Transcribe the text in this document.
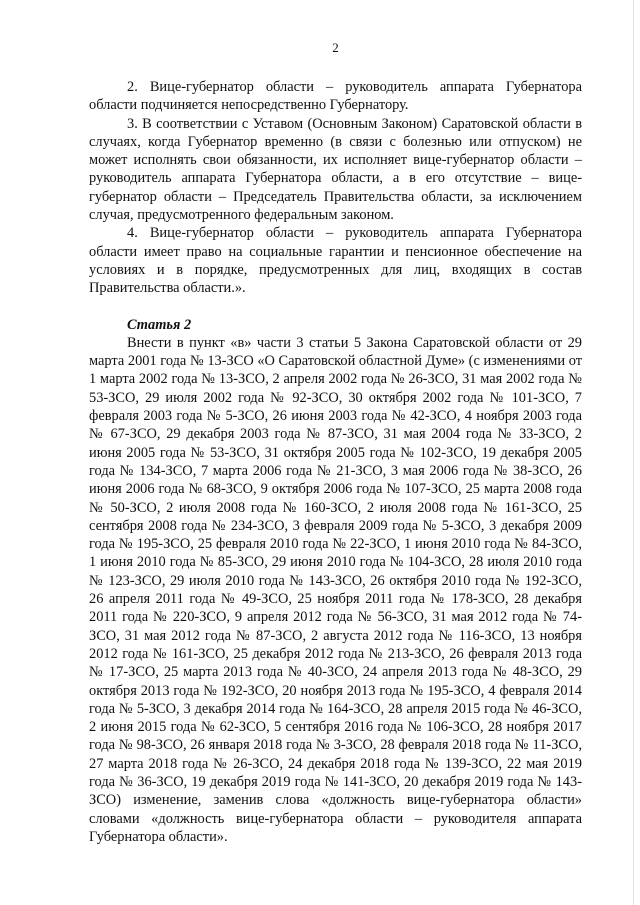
2

2. Вице-губернатор области – руководитель аппарата Губернатора области подчиняется непосредственно Губернатору.

3. В соответствии с Уставом (Основным Законом) Саратовской области в случаях, когда Губернатор временно (в связи с болезнью или отпуском) не может исполнять свои обязанности, их исполняет вице-губернатор области – руководитель аппарата Губернатора области, а в его отсутствие – вице-губернатор области – Председатель Правительства области, за исключением случая, предусмотренного федеральным законом.

4. Вице-губернатор области – руководитель аппарата Губернатора области имеет право на социальные гарантии и пенсионное обеспечение на условиях и в порядке, предусмотренных для лиц, входящих в состав Правительства области.».

Статья 2

Внести в пункт «в» части 3 статьи 5 Закона Саратовской области от 29 марта 2001 года № 13-ЗСО «О Саратовской областной Думе» (с изменениями от 1 марта 2002 года № 13-ЗСО, 2 апреля 2002 года № 26-ЗСО, 31 мая 2002 года № 53-ЗСО, 29 июля 2002 года № 92-ЗСО, 30 октября 2002 года № 101-ЗСО, 7 февраля 2003 года № 5-ЗСО, 26 июня 2003 года № 42-ЗСО, 4 ноября 2003 года № 67-ЗСО, 29 декабря 2003 года № 87-ЗСО, 31 мая 2004 года № 33-ЗСО, 2 июня 2005 года № 53-ЗСО, 31 октября 2005 года № 102-ЗСО, 19 декабря 2005 года № 134-ЗСО, 7 марта 2006 года № 21-ЗСО, 3 мая 2006 года № 38-ЗСО, 26 июня 2006 года № 68-ЗСО, 9 октября 2006 года № 107-ЗСО, 25 марта 2008 года № 50-ЗСО, 2 июля 2008 года № 160-ЗСО, 2 июля 2008 года № 161-ЗСО, 25 сентября 2008 года № 234-ЗСО, 3 февраля 2009 года № 5-ЗСО, 3 декабря 2009 года № 195-ЗСО, 25 февраля 2010 года № 22-ЗСО, 1 июня 2010 года № 84-ЗСО, 1 июня 2010 года № 85-ЗСО, 29 июня 2010 года № 104-ЗСО, 28 июля 2010 года № 123-ЗСО, 29 июля 2010 года № 143-ЗСО, 26 октября 2010 года № 192-ЗСО, 26 апреля 2011 года № 49-ЗСО, 25 ноября 2011 года № 178-ЗСО, 28 декабря 2011 года № 220-ЗСО, 9 апреля 2012 года № 56-ЗСО, 31 мая 2012 года № 74-ЗСО, 31 мая 2012 года № 87-ЗСО, 2 августа 2012 года № 116-ЗСО, 13 ноября 2012 года № 161-ЗСО, 25 декабря 2012 года № 213-ЗСО, 26 февраля 2013 года № 17-ЗСО, 25 марта 2013 года № 40-ЗСО, 24 апреля 2013 года № 48-ЗСО, 29 октября 2013 года № 192-ЗСО, 20 ноября 2013 года № 195-ЗСО, 4 февраля 2014 года № 5-ЗСО, 3 декабря 2014 года № 164-ЗСО, 28 апреля 2015 года № 46-ЗСО, 2 июня 2015 года № 62-ЗСО, 5 сентября 2016 года № 106-ЗСО, 28 ноября 2017 года № 98-ЗСО, 26 января 2018 года № 3-ЗСО, 28 февраля 2018 года № 11-ЗСО, 27 марта 2018 года № 26-ЗСО, 24 декабря 2018 года № 139-ЗСО, 22 мая 2019 года № 36-ЗСО, 19 декабря 2019 года № 141-ЗСО, 20 декабря 2019 года № 143-ЗСО) изменение, заменив слова «должность вице-губернатора области» словами «должность вице-губернатора области – руководителя аппарата Губернатора области».
